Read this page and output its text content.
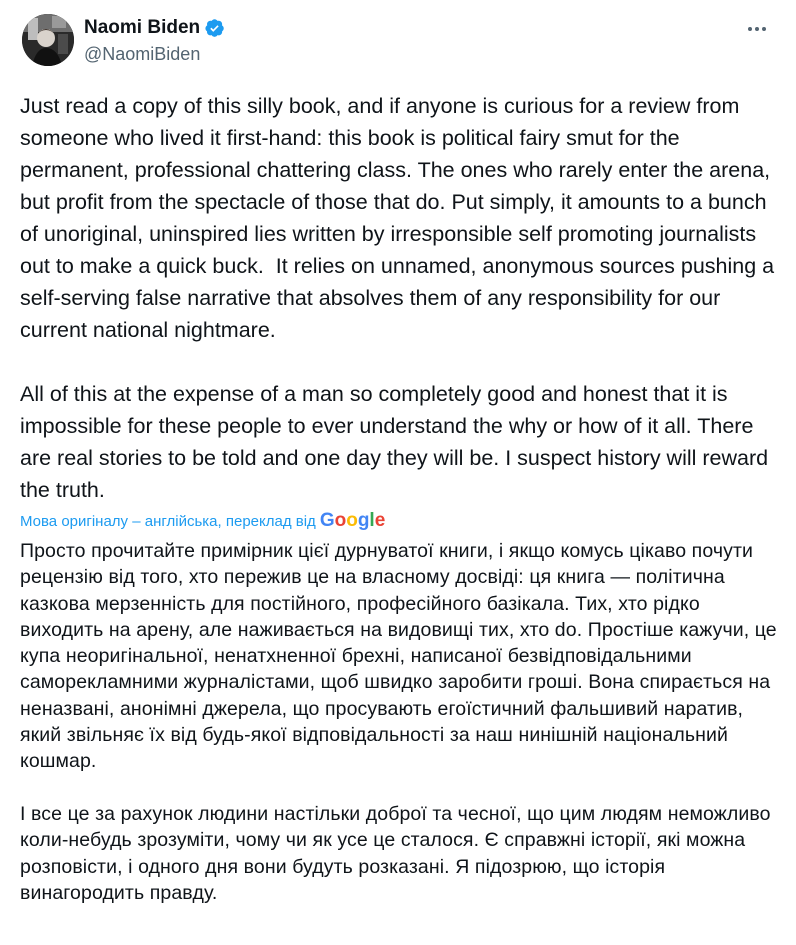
Naomi Biden
@NaomiBiden
Just read a copy of this silly book, and if anyone is curious for a review from someone who lived it first-hand: this book is political fairy smut for the permanent, professional chattering class. The ones who rarely enter the arena, but profit from the spectacle of those that do. Put simply, it amounts to a bunch of unoriginal, uninspired lies written by irresponsible self promoting journalists out to make a quick buck.  It relies on unnamed, anonymous sources pushing a self-serving false narrative that absolves them of any responsibility for our current national nightmare.

All of this at the expense of a man so completely good and honest that it is impossible for these people to ever understand the why or how of it all. There are real stories to be told and one day they will be. I suspect history will reward the truth.
Мова оригіналу – англійська, переклад від Google
Просто прочитайте примірник цієї дурнуватої книги, і якщо комусь цікаво почути рецензію від того, хто пережив це на власному досвіді: ця книга — політична казкова мерзенність для постійного, професійного базікала. Тих, хто рідко виходить на арену, але наживається на видовищі тих, хто do. Простіше кажучи, це купа неоригінальної, ненатхненної брехні, написаної безвідповідальними саморекламними журналістами, щоб швидко заробити гроші. Вона спирається на неназвані, анонімні джерела, що просувають егоїстичний фальшивий наратив, який звільняє їх від будь-якої відповідальності за наш нинішній національний кошмар.

І все це за рахунок людини настільки доброї та чесної, що цим людям неможливо коли-небудь зрозуміти, чому чи як усе це сталося. Є справжні історії, які можна розповісти, і одного дня вони будуть розказані. Я підозрюю, що історія винагородить правду.
